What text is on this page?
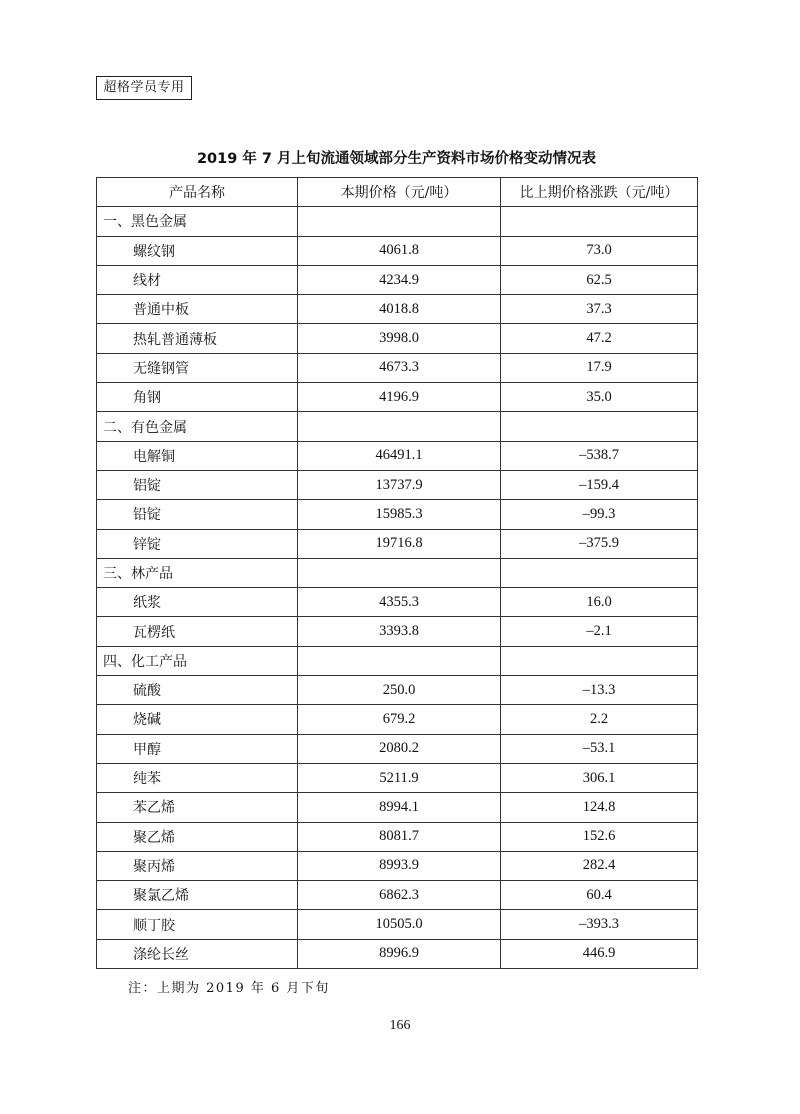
超格学员专用
2019 年 7 月上旬流通领域部分生产资料市场价格变动情况表
产品名称	本期价格（元/吨）	比上期价格涨跌（元/吨）
一、黑色金属		
螺纹钢	4061.8	73.0
线材	4234.9	62.5
普通中板	4018.8	37.3
热轧普通薄板	3998.0	47.2
无缝钢管	4673.3	17.9
角钢	4196.9	35.0
二、有色金属		
电解铜	46491.1	–538.7
铝锭	13737.9	–159.4
铅锭	15985.3	–99.3
锌锭	19716.8	–375.9
三、林产品		
纸浆	4355.3	16.0
瓦楞纸	3393.8	–2.1
四、化工产品		
硫酸	250.0	–13.3
烧碱	679.2	2.2
甲醇	2080.2	–53.1
纯苯	5211.9	306.1
苯乙烯	8994.1	124.8
聚乙烯	8081.7	152.6
聚丙烯	8993.9	282.4
聚氯乙烯	6862.3	60.4
顺丁胶	10505.0	–393.3
涤纶长丝	8996.9	446.9
注：上期为 2019 年 6 月下旬
166
